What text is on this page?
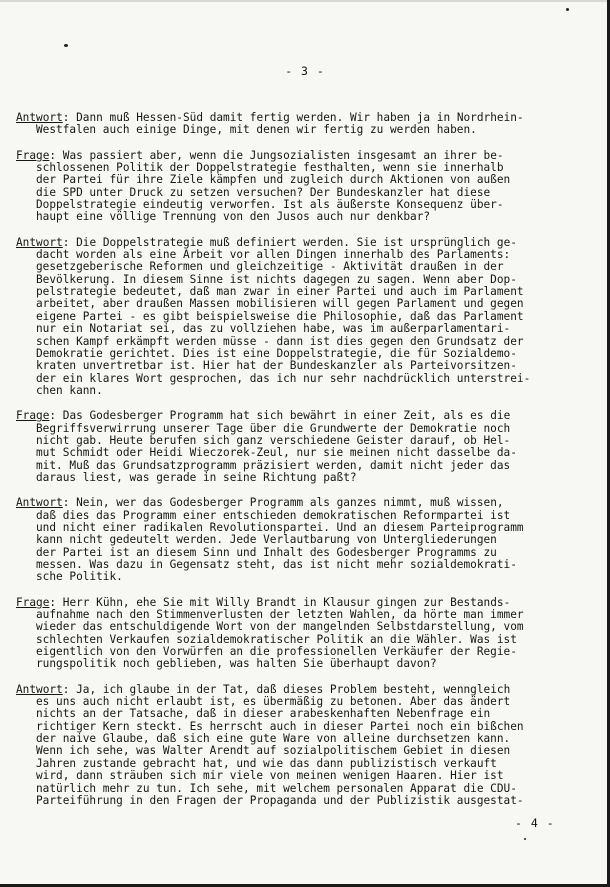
- 3 -
Antwort: Dann muß Hessen-Süd damit fertig werden. Wir haben ja in Nordrhein-
Westfalen auch einige Dinge, mit denen wir fertig zu werden haben.
Frage: Was passiert aber, wenn die Jungsozialisten insgesamt an ihrer be-
schlossenen Politik der Doppelstrategie festhalten, wenn sie innerhalb
der Partei für ihre Ziele kämpfen und zugleich durch Aktionen von außen
die SPD unter Druck zu setzen versuchen? Der Bundeskanzler hat diese
Doppelstrategie eindeutig verworfen. Ist als äußerste Konsequenz über-
haupt eine völlige Trennung von den Jusos auch nur denkbar?
Antwort: Die Doppelstrategie muß definiert werden. Sie ist ursprünglich ge-
dacht worden als eine Arbeit vor allen Dingen innerhalb des Parlaments:
gesetzgeberische Reformen und gleichzeitige - Aktivität draußen in der
Bevölkerung. In diesem Sinne ist nichts dagegen zu sagen. Wenn aber Dop-
pelstrategie bedeutet, daß man zwar in einer Partei und auch im Parlament
arbeitet, aber draußen Massen mobilisieren will gegen Parlament und gegen
eigene Partei - es gibt beispielsweise die Philosophie, daß das Parlament
nur ein Notariat sei, das zu vollziehen habe, was im außerparlamentari-
schen Kampf erkämpft werden müsse - dann ist dies gegen den Grundsatz der
Demokratie gerichtet. Dies ist eine Doppelstrategie, die für Sozialdemo-
kraten unvertretbar ist. Hier hat der Bundeskanzler als Parteivorsitzen-
der ein klares Wort gesprochen, das ich nur sehr nachdrücklich unterstrei-
chen kann.
Frage: Das Godesberger Programm hat sich bewährt in einer Zeit, als es die
Begriffsverwirrung unserer Tage über die Grundwerte der Demokratie noch
nicht gab. Heute berufen sich ganz verschiedene Geister darauf, ob Hel-
mut Schmidt oder Heidi Wieczorek-Zeul, nur sie meinen nicht dasselbe da-
mit. Muß das Grundsatzprogramm präzisiert werden, damit nicht jeder das
daraus liest, was gerade in seine Richtung paßt?
Antwort: Nein, wer das Godesberger Programm als ganzes nimmt, muß wissen,
daß dies das Programm einer entschieden demokratischen Reformpartei ist
und nicht einer radikalen Revolutionspartei. Und an diesem Parteiprogramm
kann nicht gedeutelt werden. Jede Verlautbarung von Untergliederungen
der Partei ist an diesem Sinn und Inhalt des Godesberger Programms zu
messen. Was dazu in Gegensatz steht, das ist nicht mehr sozialdemokrati-
sche Politik.
Frage: Herr Kühn, ehe Sie mit Willy Brandt in Klausur gingen zur Bestands-
aufnahme nach den Stimmenverlusten der letzten Wahlen, da hörte man immer
wieder das entschuldigende Wort von der mangelnden Selbstdarstellung, vom
schlechten Verkaufen sozialdemokratischer Politik an die Wähler. Was ist
eigentlich von den Vorwürfen an die professionellen Verkäufer der Regie-
rungspolitik noch geblieben, was halten Sie überhaupt davon?
Antwort: Ja, ich glaube in der Tat, daß dieses Problem besteht, wenngleich
es uns auch nicht erlaubt ist, es übermäßig zu betonen. Aber das ändert
nichts an der Tatsache, daß in dieser arabeskenhaften Nebenfrage ein
richtiger Kern steckt. Es herrscht auch in dieser Partei noch ein bißchen
der naive Glaube, daß sich eine gute Ware von alleine durchsetzen kann.
Wenn ich sehe, was Walter Arendt auf sozialpolitischem Gebiet in diesen
Jahren zustande gebracht hat, und wie das dann publizistisch verkauft
wird, dann sträuben sich mir viele von meinen wenigen Haaren. Hier ist
natürlich mehr zu tun. Ich sehe, mit welchem personalen Apparat die CDU-
Parteiführung in den Fragen der Propaganda und der Publizistik ausgestat-
- 4 -
